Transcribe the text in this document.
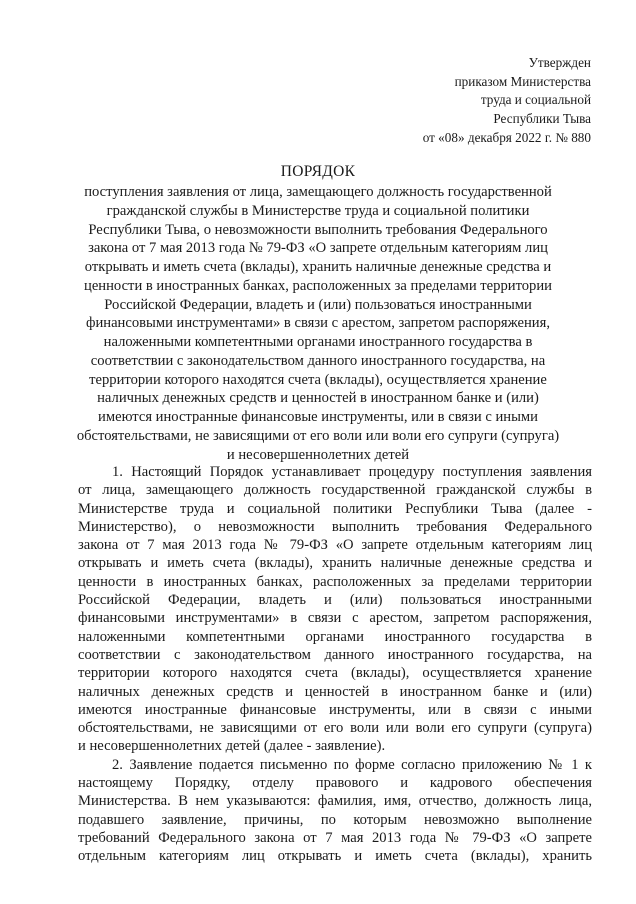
Утвержден
приказом Министерства
труда и социальной
Республики Тыва
от «08» декабря 2022 г. № 880
ПОРЯДОК
поступления заявления от лица, замещающего должность государственной
гражданской службы в Министерстве труда и социальной политики
Республики Тыва, о невозможности выполнить требования Федерального
закона от 7 мая 2013 года № 79-ФЗ «О запрете отдельным категориям лиц
открывать и иметь счета (вклады), хранить наличные денежные средства и
ценности в иностранных банках, расположенных за пределами территории
Российской Федерации, владеть и (или) пользоваться иностранными
финансовыми инструментами» в связи с арестом, запретом распоряжения,
наложенными компетентными органами иностранного государства в
соответствии с законодательством данного иностранного государства, на
территории которого находятся счета (вклады), осуществляется хранение
наличных денежных средств и ценностей в иностранном банке и (или)
имеются иностранные финансовые инструменты, или в связи с иными
обстоятельствами, не зависящими от его воли или воли его супруги (супруга)
и несовершеннолетних детей
1. Настоящий Порядок устанавливает процедуру поступления заявления
от лица, замещающего должность государственной гражданской службы в
Министерстве труда и социальной политики Республики Тыва (далее -
Министерство), о невозможности выполнить требования Федерального
закона от 7 мая 2013 года № 79-ФЗ «О запрете отдельным категориям лиц
открывать и иметь счета (вклады), хранить наличные денежные средства и
ценности в иностранных банках, расположенных за пределами территории
Российской Федерации, владеть и (или) пользоваться иностранными
финансовыми инструментами» в связи с арестом, запретом распоряжения,
наложенными компетентными органами иностранного государства в
соответствии с законодательством данного иностранного государства, на
территории которого находятся счета (вклады), осуществляется хранение
наличных денежных средств и ценностей в иностранном банке и (или)
имеются иностранные финансовые инструменты, или в связи с иными
обстоятельствами, не зависящими от его воли или воли его супруги (супруга)
и несовершеннолетних детей (далее - заявление).
2. Заявление подается письменно по форме согласно приложению № 1 к
настоящему Порядку, отделу правового и кадрового обеспечения
Министерства. В нем указываются: фамилия, имя, отчество, должность лица,
подавшего заявление, причины, по которым невозможно выполнение
требований Федерального закона от 7 мая 2013 года № 79-ФЗ «О запрете
отдельным категориям лиц открывать и иметь счета (вклады), хранить
